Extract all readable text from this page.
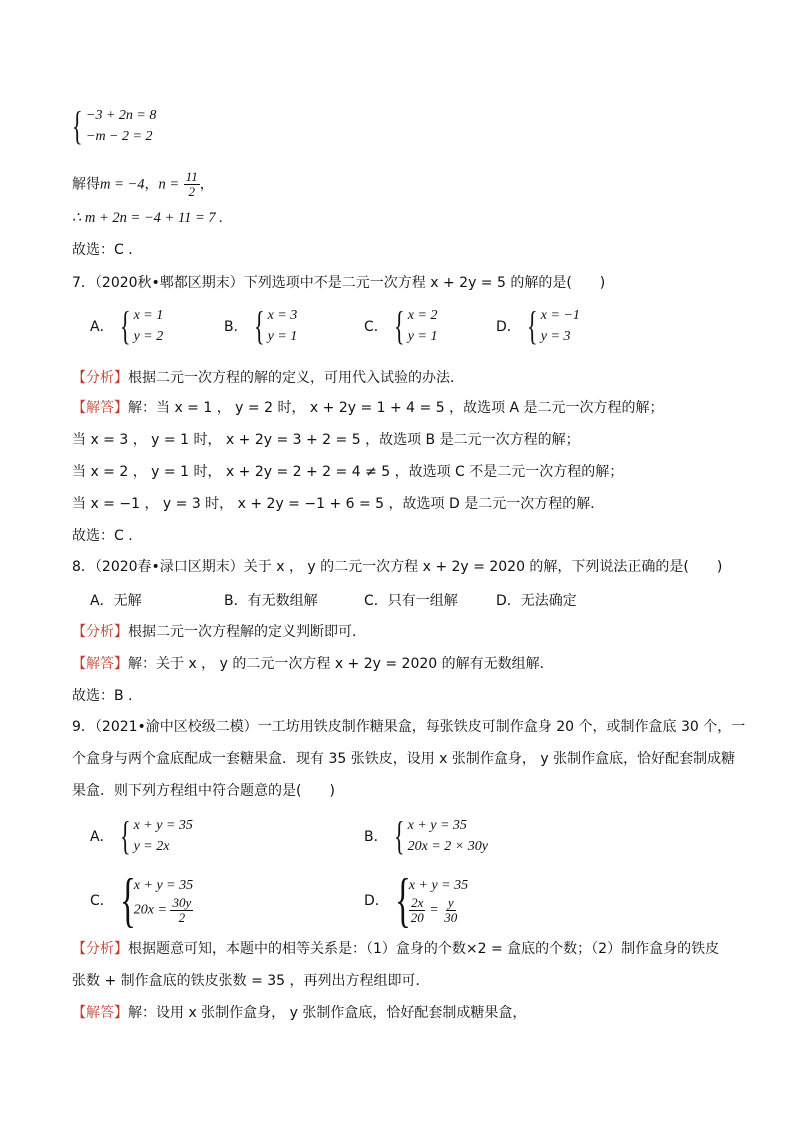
{ −3 + 2n = 8
−m − 2 = 2
解得m = −4，$n = \frac{11}{2}$ ，
∴ m + 2n = −4 + 11 = 7 .
故选：C .
7．（2020秋•郫都区期末）下列选项中不是二元一次方程 x + 2y = 5 的解的是(　　)
A． { x = 1
y = 2
B． { x = 3
y = 1
C． { x = 2
y = 1
D． { x = −1
y = 3
【分析】根据二元一次方程的解的定义，可用代入试验的办法．
【解答】解：当 x = 1 ， y = 2 时， x + 2y = 1 + 4 = 5 ，故选项 A 是二元一次方程的解；
当 x = 3 ， y = 1 时， x + 2y = 3 + 2 = 5 ，故选项 B 是二元一次方程的解；
当 x = 2 ， y = 1 时， x + 2y = 2 + 2 = 4 ≠ 5 ，故选项 C 不是二元一次方程的解；
当 x = −1 ， y = 3 时， x + 2y = −1 + 6 = 5 ，故选项 D 是二元一次方程的解．
故选：C .
8．（2020春•渌口区期末）关于 x ， y 的二元一次方程 x + 2y = 2020 的解，下列说法正确的是(　　)
A．无解	B．有无数组解	C．只有一组解	D．无法确定
【分析】根据二元一次方程解的定义判断即可．
【解答】解：关于 x ， y 的二元一次方程 x + 2y = 2020 的解有无数组解．
故选：B .
9．（2021•渝中区校级二模）一工坊用铁皮制作糖果盒，每张铁皮可制作盒身 20 个，或制作盒底 30 个，一
个盒身与两个盒底配成一套糖果盒．现有 35 张铁皮，设用 x 张制作盒身， y 张制作盒底，恰好配套制成糖
果盒．则下列方程组中符合题意的是(　　)
A． { x + y = 35
y = 2x
B． { x + y = 35
20x = 2 × 30y
C． {
x + y = 35
$20x = \frac{30y}{2}$	D． {
x + y = 35
$\frac{2x}{20} = \frac{y}{30}$
【分析】根据题意可知，本题中的相等关系是：（1）盒身的个数×2 = 盒底的个数；（2）制作盒身的铁皮
张数 + 制作盒底的铁皮张数 = 35 ，再列出方程组即可．
【解答】解：设用 x 张制作盒身， y 张制作盒底，恰好配套制成糖果盒，
